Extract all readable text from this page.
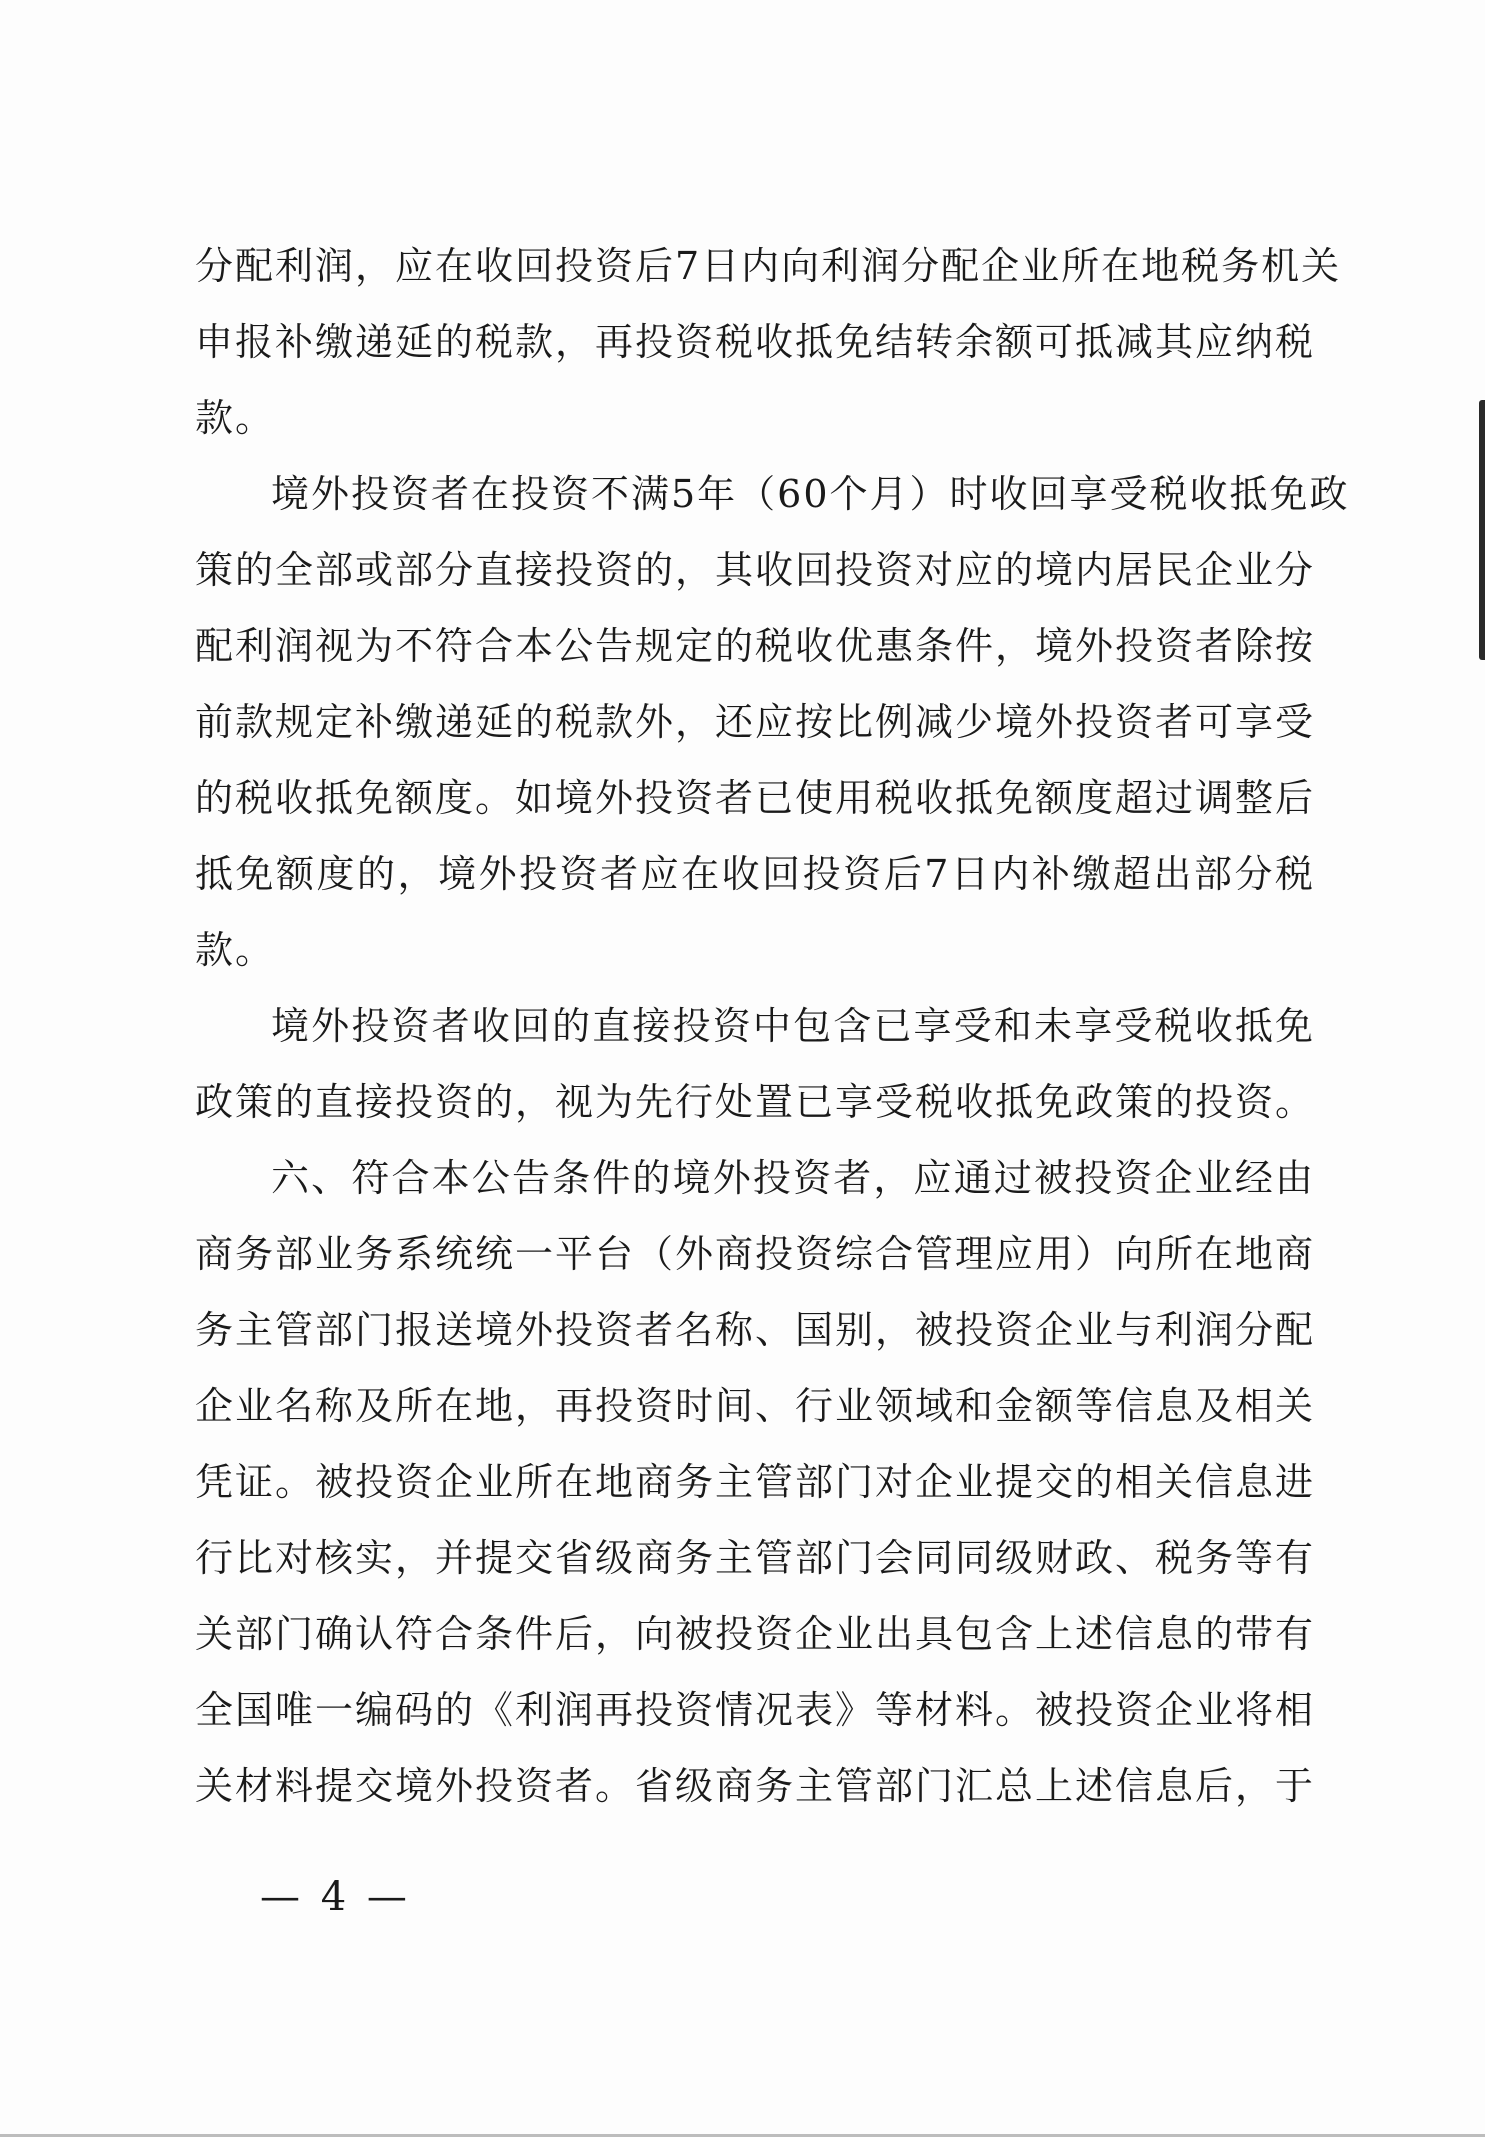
分配利润，应在收回投资后7日内向利润分配企业所在地税务机关
申报补缴递延的税款，再投资税收抵免结转余额可抵减其应纳税
款。
境外投资者在投资不满5年（60个月）时收回享受税收抵免政
策的全部或部分直接投资的，其收回投资对应的境内居民企业分
配利润视为不符合本公告规定的税收优惠条件，境外投资者除按
前款规定补缴递延的税款外，还应按比例减少境外投资者可享受
的税收抵免额度。如境外投资者已使用税收抵免额度超过调整后
抵免额度的，境外投资者应在收回投资后7日内补缴超出部分税
款。
境外投资者收回的直接投资中包含已享受和未享受税收抵免
政策的直接投资的，视为先行处置已享受税收抵免政策的投资。
六、符合本公告条件的境外投资者，应通过被投资企业经由
商务部业务系统统一平台（外商投资综合管理应用）向所在地商
务主管部门报送境外投资者名称、国别，被投资企业与利润分配
企业名称及所在地，再投资时间、行业领域和金额等信息及相关
凭证。被投资企业所在地商务主管部门对企业提交的相关信息进
行比对核实，并提交省级商务主管部门会同同级财政、税务等有
关部门确认符合条件后，向被投资企业出具包含上述信息的带有
全国唯一编码的《利润再投资情况表》等材料。被投资企业将相
关材料提交境外投资者。省级商务主管部门汇总上述信息后，于
— 4 —
